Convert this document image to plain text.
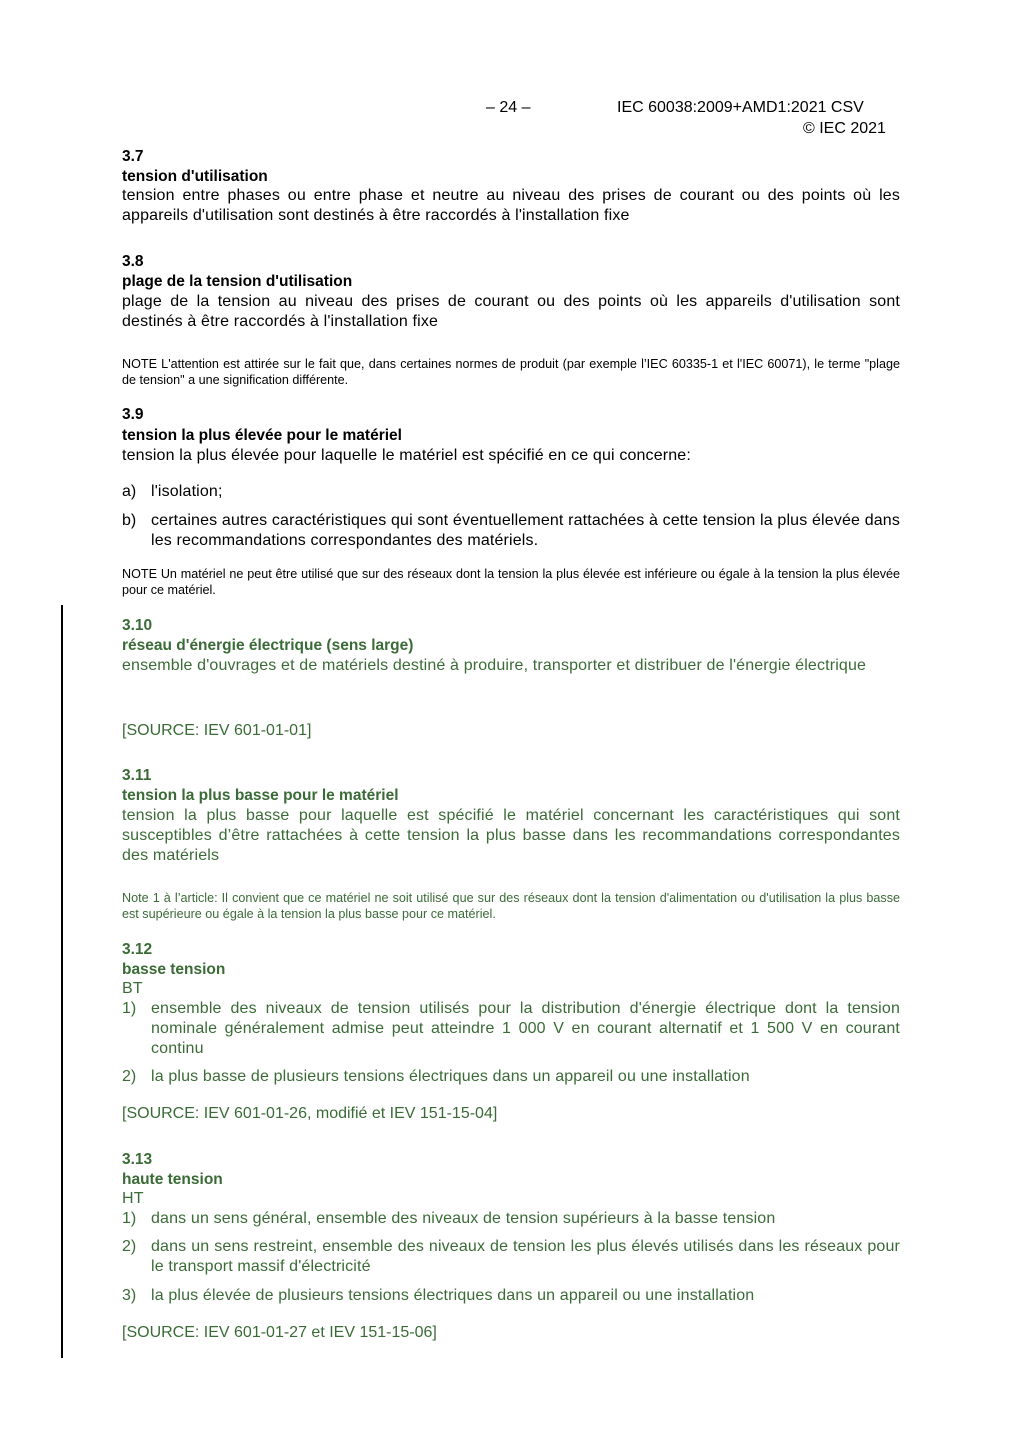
– 24 –	IEC 60038:2009+AMD1:2021 CSV
© IEC 2021
3.7
tension d'utilisation
tension entre phases ou entre phase et neutre au niveau des prises de courant ou des points où les appareils d'utilisation sont destinés à être raccordés à l'installation fixe
3.8
plage de la tension d'utilisation
plage de la tension au niveau des prises de courant ou des points où les appareils d'utilisation sont destinés à être raccordés à l'installation fixe
NOTE L'attention est attirée sur le fait que, dans certaines normes de produit (par exemple l’IEC 60335-1 et l'IEC 60071), le terme "plage de tension" a une signification différente.
3.9
tension la plus élevée pour le matériel
tension la plus élevée pour laquelle le matériel est spécifié en ce qui concerne:
a) l'isolation;
b) certaines autres caractéristiques qui sont éventuellement rattachées à cette tension la plus élevée dans les recommandations correspondantes des matériels.
NOTE Un matériel ne peut être utilisé que sur des réseaux dont la tension la plus élevée est inférieure ou égale à la tension la plus élevée pour ce matériel.
3.10
réseau d'énergie électrique (sens large)
ensemble d'ouvrages et de matériels destiné à produire, transporter et distribuer de l'énergie électrique
[SOURCE: IEV 601-01-01]
3.11
tension la plus basse pour le matériel
tension la plus basse pour laquelle est spécifié le matériel concernant les caractéristiques qui sont susceptibles d’être rattachées à cette tension la plus basse dans les recommandations correspondantes des matériels
Note 1 à l’article: Il convient que ce matériel ne soit utilisé que sur des réseaux dont la tension d'alimentation ou d'utilisation la plus basse est supérieure ou égale à la tension la plus basse pour ce matériel.
3.12
basse tension
BT
1) ensemble des niveaux de tension utilisés pour la distribution d'énergie électrique dont la tension nominale généralement admise peut atteindre 1 000 V en courant alternatif et 1 500 V en courant continu
2) la plus basse de plusieurs tensions électriques dans un appareil ou une installation
[SOURCE: IEV 601-01-26, modifié et IEV 151-15-04]
3.13
haute tension
HT
1) dans un sens général, ensemble des niveaux de tension supérieurs à la basse tension
2) dans un sens restreint, ensemble des niveaux de tension les plus élevés utilisés dans les réseaux pour le transport massif d'électricité
3) la plus élevée de plusieurs tensions électriques dans un appareil ou une installation
[SOURCE: IEV 601-01-27 et IEV 151-15-06]
